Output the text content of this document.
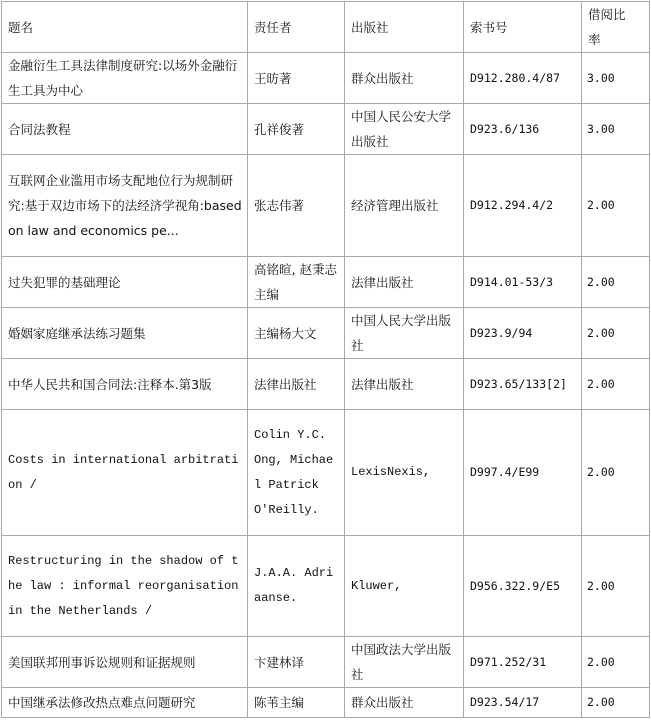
题名	责任者	出版社	索书号	借阅比率
金融衍生工具法律制度研究:以场外金融衍生工具为中心	王昉著	群众出版社	D912.280.4/87	3.00
合同法教程	孔祥俊著	中国人民公安大学出版社	D923.6/136	3.00
互联网企业滥用市场支配地位行为规制研究:基于双边市场下的法经济学视角:based on law and economics pe...	张志伟著	经济管理出版社	D912.294.4/2	2.00
过失犯罪的基础理论	高铭暄, 赵秉志主编	法律出版社	D914.01-53/3	2.00
婚姻家庭继承法练习题集	主编杨大文	中国人民大学出版社	D923.9/94	2.00
中华人民共和国合同法:注释本.第3版	法律出版社	法律出版社	D923.65/133[2]	2.00
Costs in international arbitration /	Colin Y.C. Ong, Michael Patrick O'Reilly.	LexisNexis,	D997.4/E99	2.00
Restructuring in the shadow of the law : informal reorganisation in the Netherlands /	J.A.A. Adriaanse.	Kluwer,	D956.322.9/E5	2.00
美国联邦刑事诉讼规则和证据规则	卞建林译	中国政法大学出版社	D971.252/31	2.00
中国继承法修改热点难点问题研究	陈苇主编	群众出版社	D923.54/17	2.00
